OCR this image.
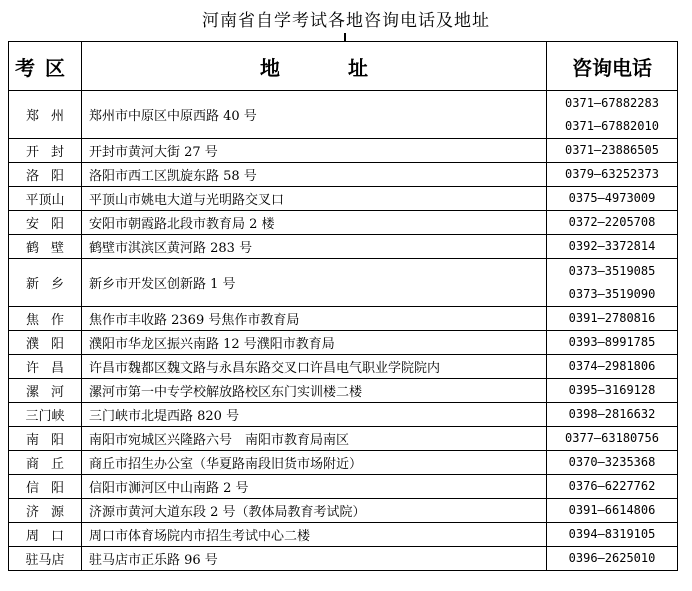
河南省自学考试各地咨询电话及地址
考区	地 址	咨询电话
郑州	郑州市中原区中原西路 40 号	0371—67882283
0371—67882010

开封	开封市黄河大街 27 号	0371—23886505

洛阳	洛阳市西工区凯旋东路 58 号	0379—63252373

平顶山	平顶山市姚电大道与光明路交叉口	0375—4973009

安阳	安阳市朝霞路北段市教育局 2 楼	0372—2205708

鹤壁	鹤壁市淇滨区黄河路 283 号	0392—3372814

新乡	新乡市开发区创新路 1 号	0373—3519085
0373—3519090

焦作	焦作市丰收路 2369 号焦作市教育局	0391—2780816

濮阳	濮阳市华龙区振兴南路 12 号濮阳市教育局	0393—8991785

许昌	许昌市魏都区魏文路与永昌东路交叉口许昌电气职业学院院内	0374—2981806

漯河	漯河市第一中专学校解放路校区东门实训楼二楼	0395—3169128

三门峡	三门峡市北堤西路 820 号	0398—2816632

南阳	南阳市宛城区兴隆路六号　南阳市教育局南区	0377—63180756

商丘	商丘市招生办公室（华夏路南段旧货市场附近）	0370—3235368

信阳	信阳市浉河区中山南路 2 号	0376—6227762

济源	济源市黄河大道东段 2 号（教体局教育考试院）	0391—6614806

周口	周口市体育场院内市招生考试中心二楼	0394—8319105

驻马店	驻马店市正乐路 96 号	0396—2625010
